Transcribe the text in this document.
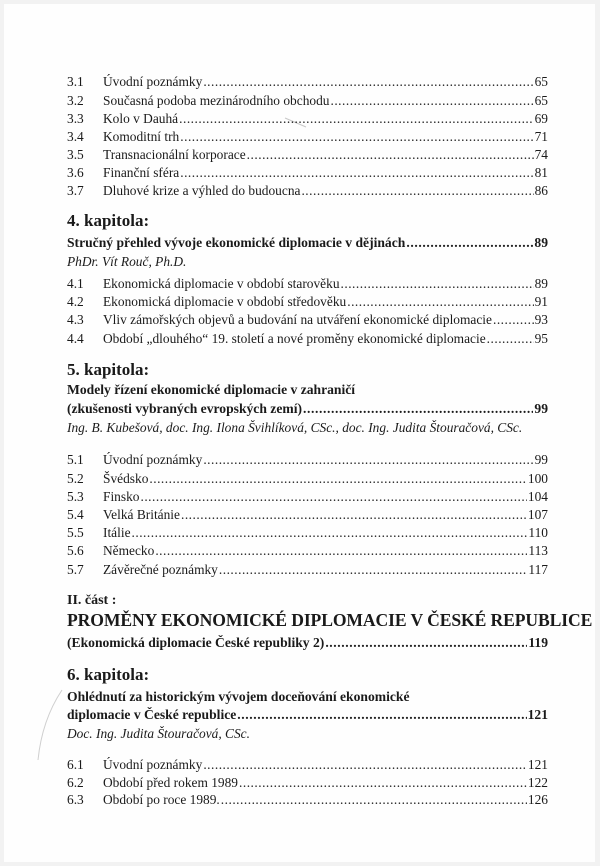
3.1	Úvodní poznámky .....	65
3.2	Současná podoba mezinárodního obchodu .....	65
3.3	Kolo v Dauhá .....	69
3.4	Komoditní trh .....	71
3.5	Transnacionální korporace .....	74
3.6	Finanční sféra .....	81
3.7	Dluhové krize a výhled do budoucna .....	86
4. kapitola:
Stručný přehled vývoje ekonomické diplomacie v dějinách .....	89
PhDr. Vít Rouč, Ph.D.
4.1	Ekonomická diplomacie v období starověku .....	89
4.2	Ekonomická diplomacie v období středověku .....	91
4.3	Vliv zámořských objevů a budování na utváření ekonomické diplomacie .....	93
4.4	Období „dlouhého“ 19. století a nové proměny ekonomické diplomacie .....	95
5. kapitola:
Modely řízení ekonomické diplomacie v zahraničí
(zkušenosti vybraných evropských zemí) .....	99
Ing. B. Kubešová, doc. Ing. Ilona Švihlíková, CSc., doc. Ing. Judita Štouračová, CSc.
5.1	Úvodní poznámky .....	99
5.2	Švédsko .....	100
5.3	Finsko .....	104
5.4	Velká Británie .....	107
5.5	Itálie .....	110
5.6	Německo .....	113
5.7	Závěrečné poznámky .....	117
II. část :
PROMĚNY EKONOMICKÉ DIPLOMACIE V ČESKÉ REPUBLICE
(Ekonomická diplomacie České republiky 2) .....	119
6. kapitola:
Ohlédnutí za historickým vývojem doceňování ekonomické
diplomacie v České republice .....	121
Doc. Ing. Judita Štouračová, CSc.
6.1	Úvodní poznámky .....	121
6.2	Období před rokem 1989 .....	122
6.3	Období po roce 1989. .....	126
